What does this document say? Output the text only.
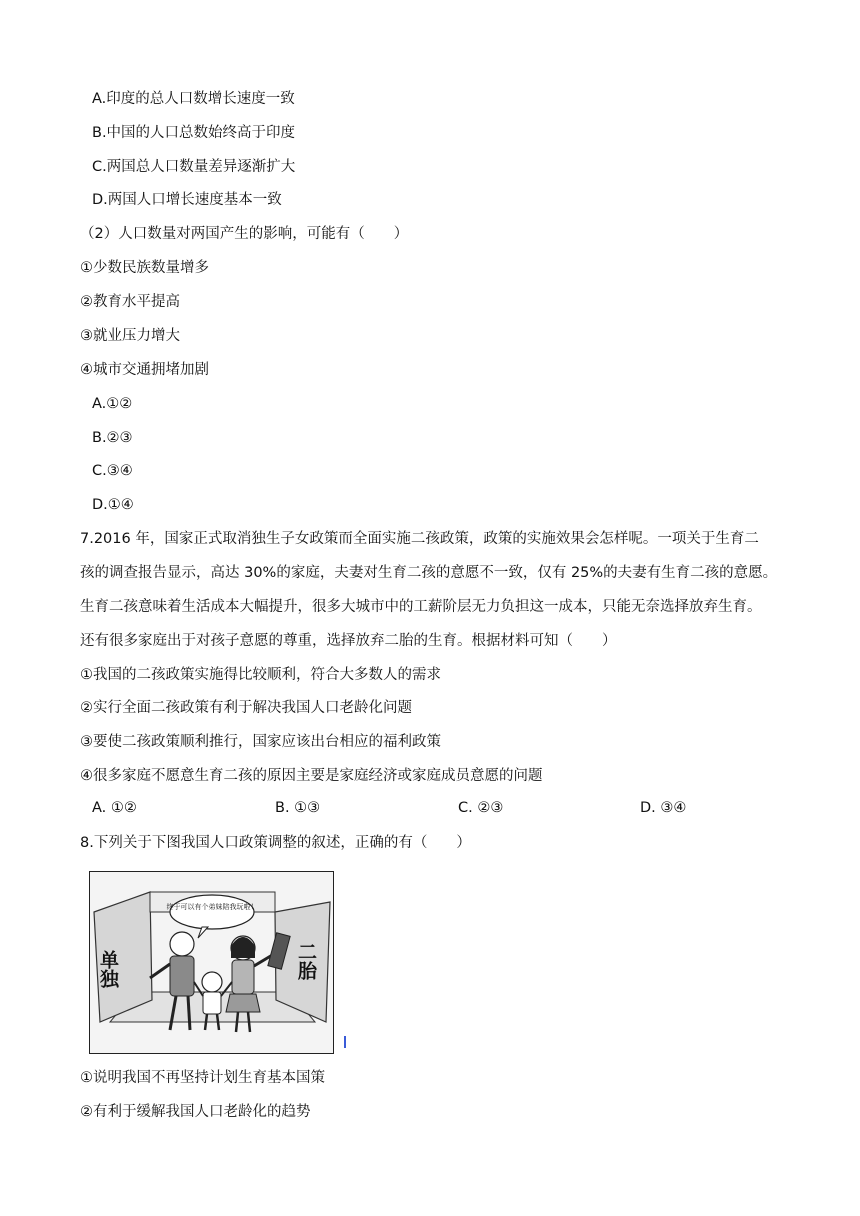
A.印度的总人口数增长速度一致
B.中国的人口总数始终高于印度
C.两国总人口数量差异逐渐扩大
D.两国人口增长速度基本一致
（2）人口数量对两国产生的影响，可能有（　　）
①少数民族数量增多
②教育水平提高
③就业压力增大
④城市交通拥堵加剧
A.①②
B.②③
C.③④
D.①④
7.2016 年，国家正式取消独生子女政策而全面实施二孩政策，政策的实施效果会怎样呢。一项关于生育二
孩的调查报告显示，高达 30%的家庭，夫妻对生育二孩的意愿不一致，仅有 25%的夫妻有生育二孩的意愿。
生育二孩意味着生活成本大幅提升，很多大城市中的工薪阶层无力负担这一成本，只能无奈选择放弃生育。
还有很多家庭出于对孩子意愿的尊重，选择放弃二胎的生育。根据材料可知（　　）
①我国的二孩政策实施得比较顺利，符合大多数人的需求
②实行全面二孩政策有利于解决我国人口老龄化问题
③要使二孩政策顺利推行，国家应该出台相应的福利政策
④很多家庭不愿意生育二孩的原因主要是家庭经济或家庭成员意愿的问题
A. ①②	B. ①③	C. ②③	D. ③④
8.下列关于下图我国人口政策调整的叙述，正确的有（　　）
单独	二胎
终于可以有个弟妹陪我玩啦！
①说明我国不再坚持计划生育基本国策
②有利于缓解我国人口老龄化的趋势
